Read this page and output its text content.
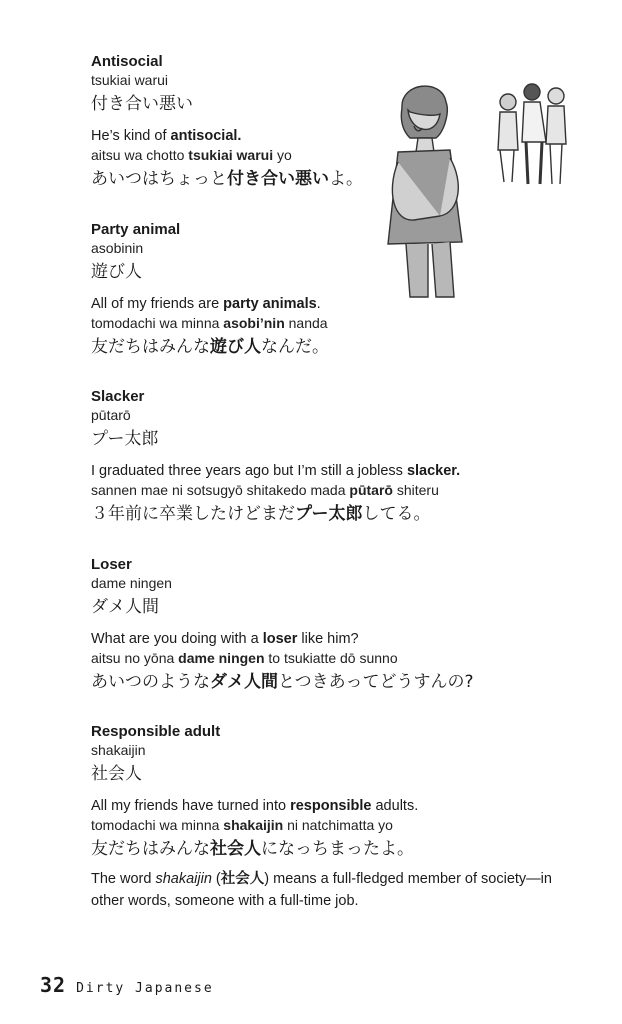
Antisocial
tsukiai warui
付き合い悪い
He’s kind of antisocial.
aitsu wa chotto tsukiai warui yo
あいつはちょっと付き合い悪いよ。
Party animal
asobinin
遊び人
All of my friends are party animals.
tomodachi wa minna asobi’nin nanda
友だちはみんな遊び人なんだ。
Slacker
pūtarō
プー太郎
I graduated three years ago but I’m still a jobless slacker.
sannen mae ni sotsugyō shitakedo mada pūtarō shiteru
３年前に卒業したけどまだプー太郎してる。
Loser
dame ningen
ダメ人間
What are you doing with a loser like him?
aitsu no yōna dame ningen to tsukiatte dō sunno
あいつのようなダメ人間とつきあってどうすんの?
Responsible adult
shakaijin
社会人
All my friends have turned into responsible adults.
tomodachi wa minna shakaijin ni natchimatta yo
友だちはみんな社会人になっちまったよ。
The word shakaijin (社会人) means a full-fledged member of society—in other words, someone with a full-time job.
32 Dirty Japanese
